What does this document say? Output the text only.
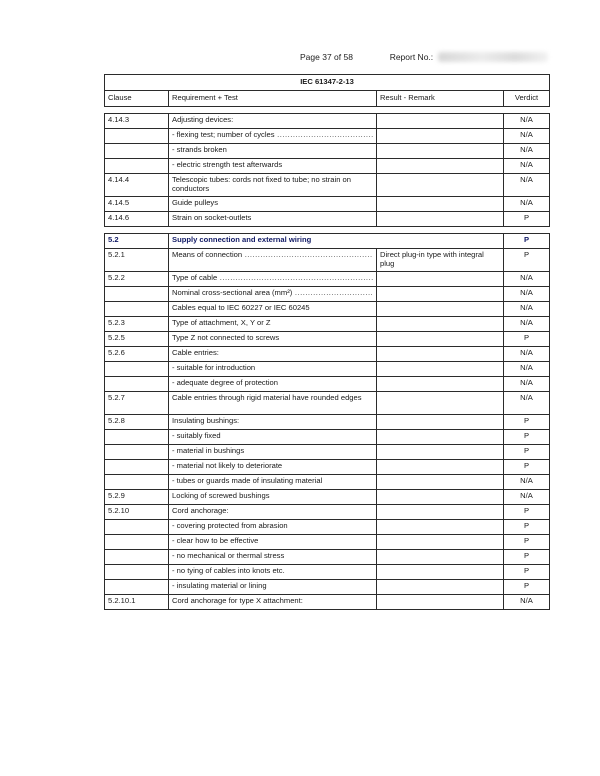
Page 37 of 58	Report No.:
IEC 61347-2-13			
Clause	Requirement + Test	Result - Remark	Verdict

4.14.3	Adjusting devices:		N/A

	- flexing test; number of cycles .....		N/A

	- strands broken		N/A

	- electric strength test afterwards		N/A

4.14.4	Telescopic tubes: cords not fixed to tube; no strain on conductors		N/A

4.14.5	Guide pulleys		N/A

4.14.6	Strain on socket-outlets		P

5.2	Supply connection and external wiring		P

5.2.1	Means of connection .....	Direct plug-in type with integral plug	P

5.2.2	Type of cable .....		N/A

	Nominal cross-sectional area (mm²) .....		N/A

	Cables equal to IEC 60227 or IEC 60245		N/A

5.2.3	Type of attachment, X, Y or Z		N/A

5.2.5	Type Z not connected to screws		P

5.2.6	Cable entries:		N/A

	- suitable for introduction		N/A

	- adequate degree of protection		N/A

5.2.7	Cable entries through rigid material have rounded edges		N/A

5.2.8	Insulating bushings:		P

	- suitably fixed		P

	- material in bushings		P

	- material not likely to deteriorate		P

	- tubes or guards made of insulating material		N/A

5.2.9	Locking of screwed bushings		N/A

5.2.10	Cord anchorage:		P

	- covering protected from abrasion		P

	- clear how to be effective		P

	- no mechanical or thermal stress		P

	- no tying of cables into knots etc.		P

	- insulating material or lining		P

5.2.10.1	Cord anchorage for type X attachment:		N/A
